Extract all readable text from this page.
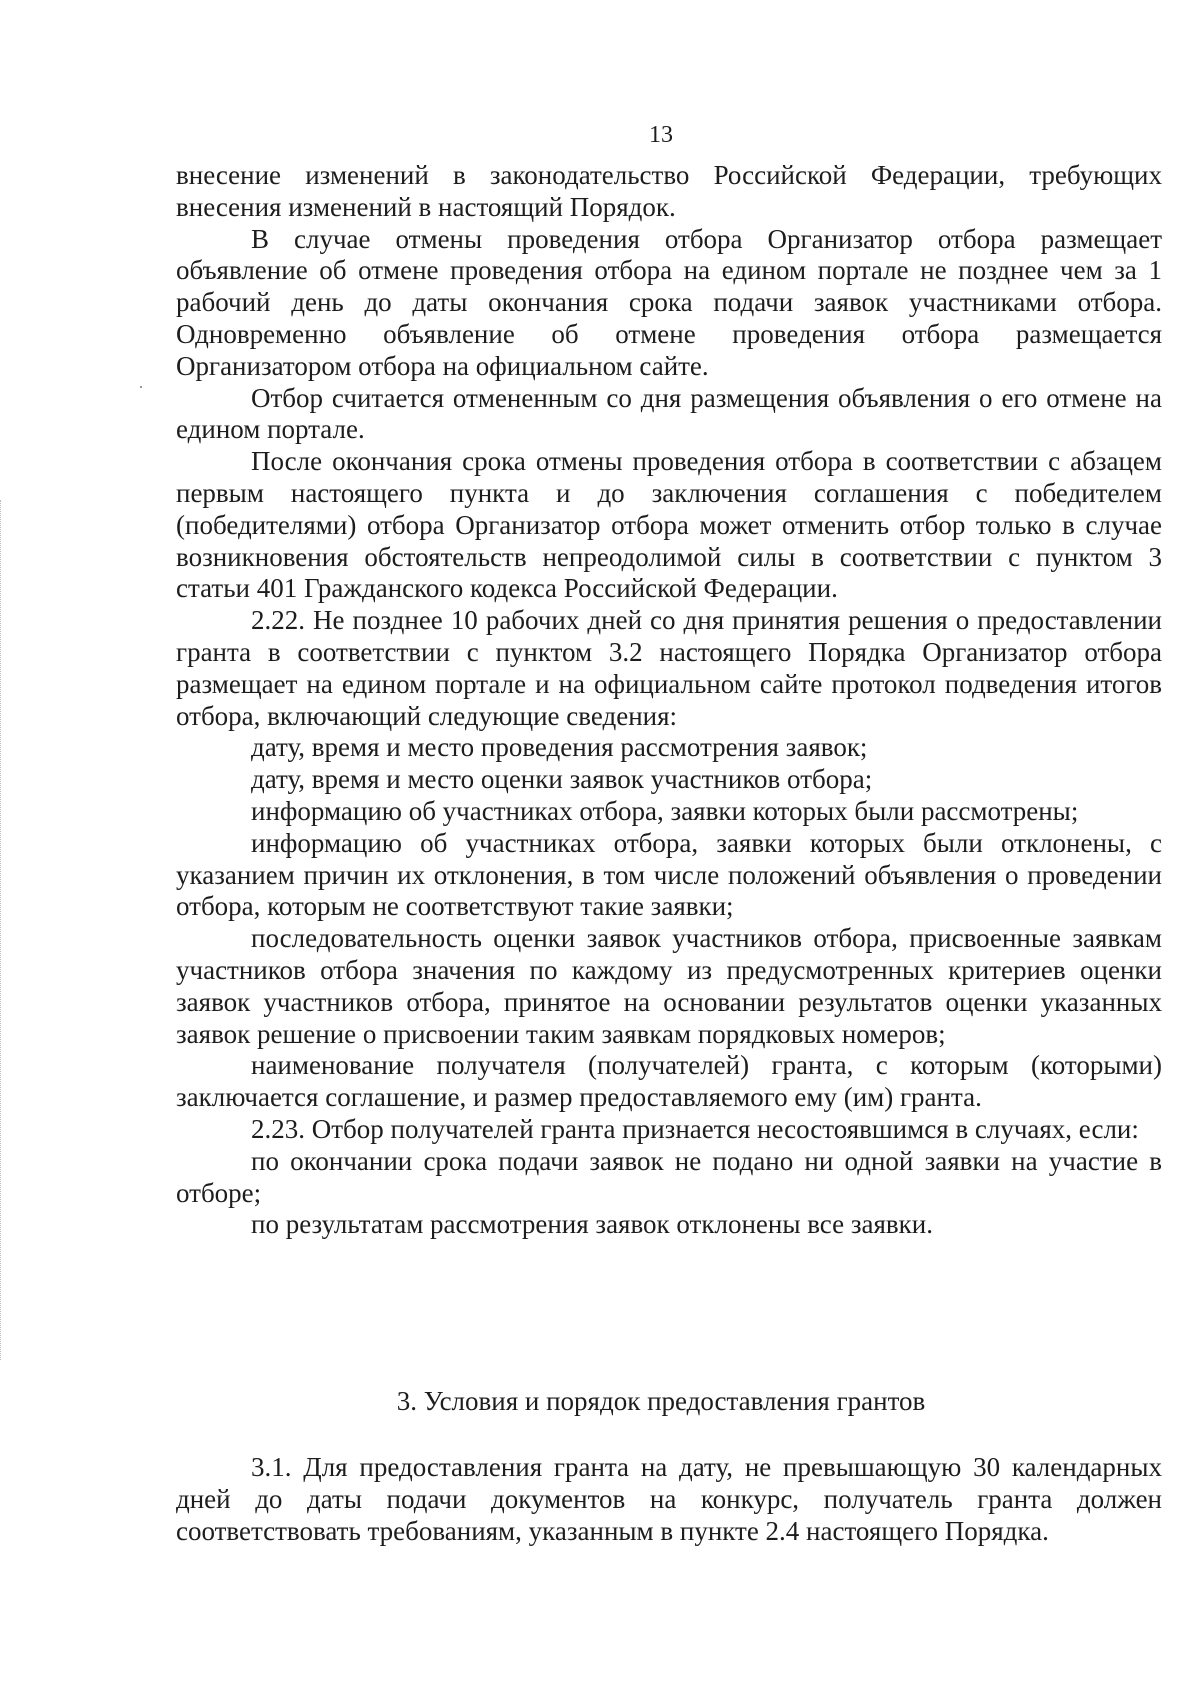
13

внесение изменений в законодательство Российской Федерации, требующих внесения изменений в настоящий Порядок.

В случае отмены проведения отбора Организатор отбора размещает объявление об отмене проведения отбора на едином портале не позднее чем за 1 рабочий день до даты окончания срока подачи заявок участниками отбора. Одновременно объявление об отмене проведения отбора размещается Организатором отбора на официальном сайте.

Отбор считается отмененным со дня размещения объявления о его отмене на едином портале.

После окончания срока отмены проведения отбора в соответствии с абзацем первым настоящего пункта и до заключения соглашения с победителем (победителями) отбора Организатор отбора может отменить отбор только в случае возникновения обстоятельств непреодолимой силы в соответствии с пунктом 3 статьи 401 Гражданского кодекса Российской Федерации.

2.22. Не позднее 10 рабочих дней со дня принятия решения о предоставлении гранта в соответствии с пунктом 3.2 настоящего Порядка Организатор отбора размещает на едином портале и на официальном сайте протокол подведения итогов отбора, включающий следующие сведения:

дату, время и место проведения рассмотрения заявок;

дату, время и место оценки заявок участников отбора;

информацию об участниках отбора, заявки которых были рассмотрены;

информацию об участниках отбора, заявки которых были отклонены, с указанием причин их отклонения, в том числе положений объявления о проведении отбора, которым не соответствуют такие заявки;

последовательность оценки заявок участников отбора, присвоенные заявкам участников отбора значения по каждому из предусмотренных критериев оценки заявок участников отбора, принятое на основании результатов оценки указанных заявок решение о присвоении таким заявкам порядковых номеров;

наименование получателя (получателей) гранта, с которым (которыми) заключается соглашение, и размер предоставляемого ему (им) гранта.

2.23. Отбор получателей гранта признается несостоявшимся в случаях, если:

по окончании срока подачи заявок не подано ни одной заявки на участие в отборе;

по результатам рассмотрения заявок отклонены все заявки.

3. Условия и порядок предоставления грантов

3.1. Для предоставления гранта на дату, не превышающую 30 календарных дней до даты подачи документов на конкурс, получатель гранта должен соответствовать требованиям, указанным в пункте 2.4 настоящего Порядка.
